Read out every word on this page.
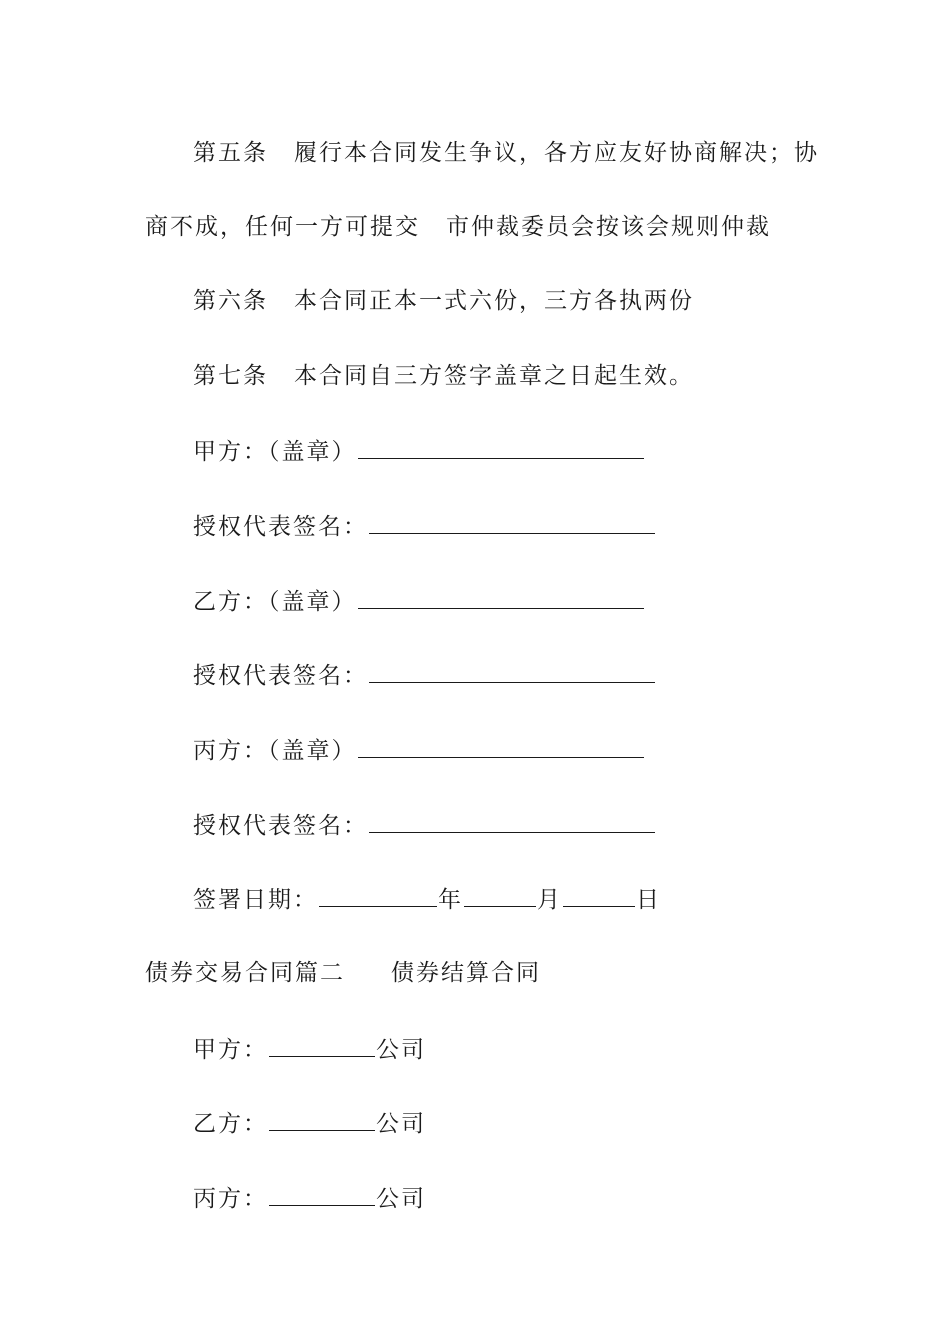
第五条 履行本合同发生争议，各方应友好协商解决；协
商不成，任何一方可提交 市仲裁委员会按该会规则仲裁
第六条 本合同正本一式六份，三方各执两份
第七条 本合同自三方签字盖章之日起生效。
甲方：（盖章）
授权代表签名：
乙方：（盖章）
授权代表签名：
丙方：（盖章）
授权代表签名：
签署日期：	年	月	日
债券交易合同篇二 债券结算合同
甲方：	公司
乙方：	公司
丙方：	公司
